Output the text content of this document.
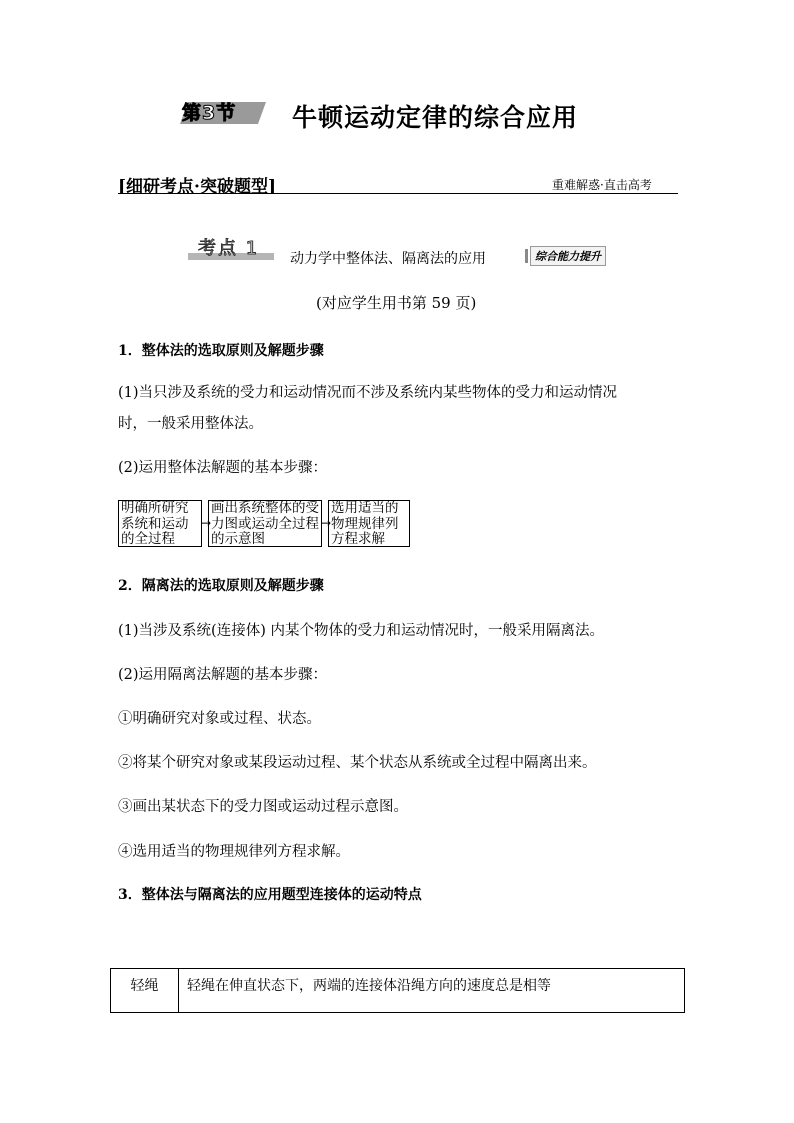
第3节 牛顿运动定律的综合应用
[细研考点·突破题型]	重难解惑·直击高考
考点 1 动力学中整体法、隔离法的应用	综合能力提升
(对应学生用书第 59 页)
1．整体法的选取原则及解题步骤
(1)当只涉及系统的受力和运动情况而不涉及系统内某些物体的受力和运动情况
时，一般采用整体法。
(2)运用整体法解题的基本步骤：
明确所研究系统和运动的全过程
→
画出系统整体的受力图或运动全过程的示意图
→
选用适当的物理规律列方程求解
2．隔离法的选取原则及解题步骤
(1)当涉及系统(连接体) 内某个物体的受力和运动情况时，一般采用隔离法。
(2)运用隔离法解题的基本步骤：
①明确研究对象或过程、状态。
②将某个研究对象或某段运动过程、某个状态从系统或全过程中隔离出来。
③画出某状态下的受力图或运动过程示意图。
④选用适当的物理规律列方程求解。
3．整体法与隔离法的应用题型连接体的运动特点
轻绳	轻绳在伸直状态下，两端的连接体沿绳方向的速度总是相等
